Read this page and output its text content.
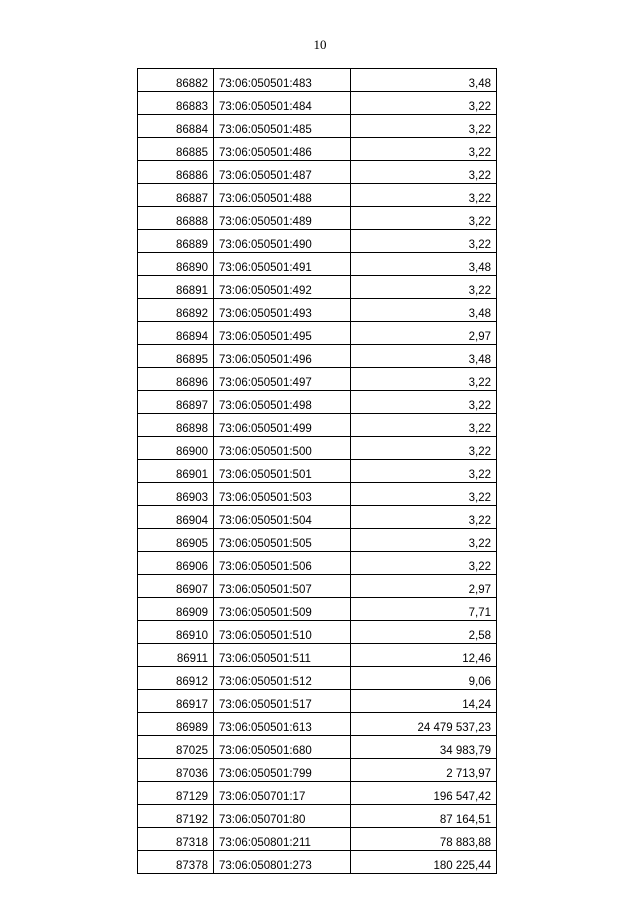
10
86882	73:06:050501:483	3,48
86883	73:06:050501:484	3,22
86884	73:06:050501:485	3,22
86885	73:06:050501:486	3,22
86886	73:06:050501:487	3,22
86887	73:06:050501:488	3,22
86888	73:06:050501:489	3,22
86889	73:06:050501:490	3,22
86890	73:06:050501:491	3,48
86891	73:06:050501:492	3,22
86892	73:06:050501:493	3,48
86894	73:06:050501:495	2,97
86895	73:06:050501:496	3,48
86896	73:06:050501:497	3,22
86897	73:06:050501:498	3,22
86898	73:06:050501:499	3,22
86900	73:06:050501:500	3,22
86901	73:06:050501:501	3,22
86903	73:06:050501:503	3,22
86904	73:06:050501:504	3,22
86905	73:06:050501:505	3,22
86906	73:06:050501:506	3,22
86907	73:06:050501:507	2,97
86909	73:06:050501:509	7,71
86910	73:06:050501:510	2,58
86911	73:06:050501:511	12,46
86912	73:06:050501:512	9,06
86917	73:06:050501:517	14,24
86989	73:06:050501:613	24 479 537,23
87025	73:06:050501:680	34 983,79
87036	73:06:050501:799	2 713,97
87129	73:06:050701:17	196 547,42
87192	73:06:050701:80	87 164,51
87318	73:06:050801:211	78 883,88
87378	73:06:050801:273	180 225,44
